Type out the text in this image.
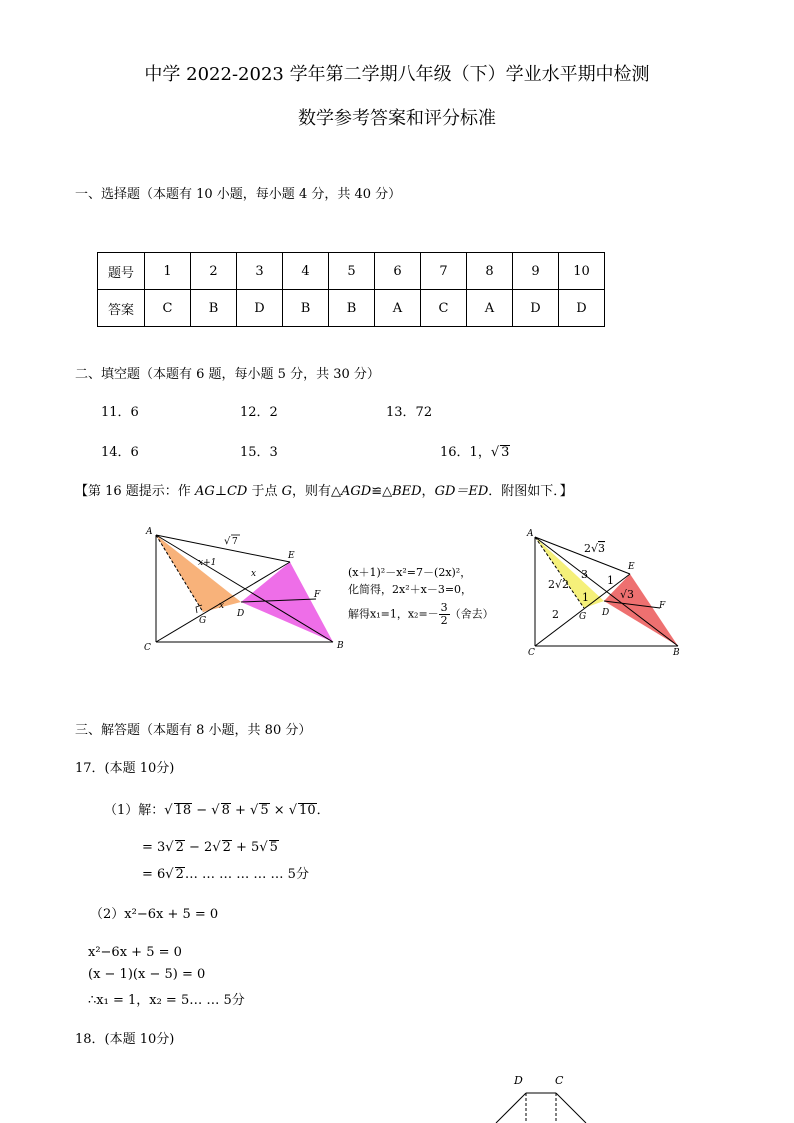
中学 2022-2023 学年第二学期八年级（下）学业水平期中检测
数学参考答案和评分标准
一、选择题（本题有 10 小题，每小题 4 分，共 40 分）
题号	1	2	3	4	5	6	7	8	9	10
答案	C	B	D	B	B	A	C	A	D	D
二、填空题（本题有 6 题，每小题 5 分，共 30 分）
11．6	12．2	13．72
14．6	15．3	16．1，√ 3
【第 16 题提示：作 AG⊥CD 于点 G，则有△AGD≌△BED，GD＝ED．附图如下．】
A
E
F
B
C
D
G
x+1
x
x
√ 7
(x＋1)²－x²=7－(2x)²，
化简得，2x²＋x－3=0，
解得x₁=1，$x_2=- \frac{3}{2}$ （舍去）
A
E
F
B
C
D
G
2√3
2√2
3
1
1
2
√3
三、解答题（本题有 8 小题，共 80 分）
17．(本题 10分)
（1）解：√ 18 − √ 8 + √ 5 × √ 10．
= 3√ 2 − 2√ 2 + 5√ 5
= 6√ 2… … … … … … 5分
（2）x²−6x + 5 = 0
x²−6x + 5 = 0
(x − 1)(x − 5) = 0
∴x₁ = 1，x₂ = 5… … 5分
18．(本题 10分)
D	C
